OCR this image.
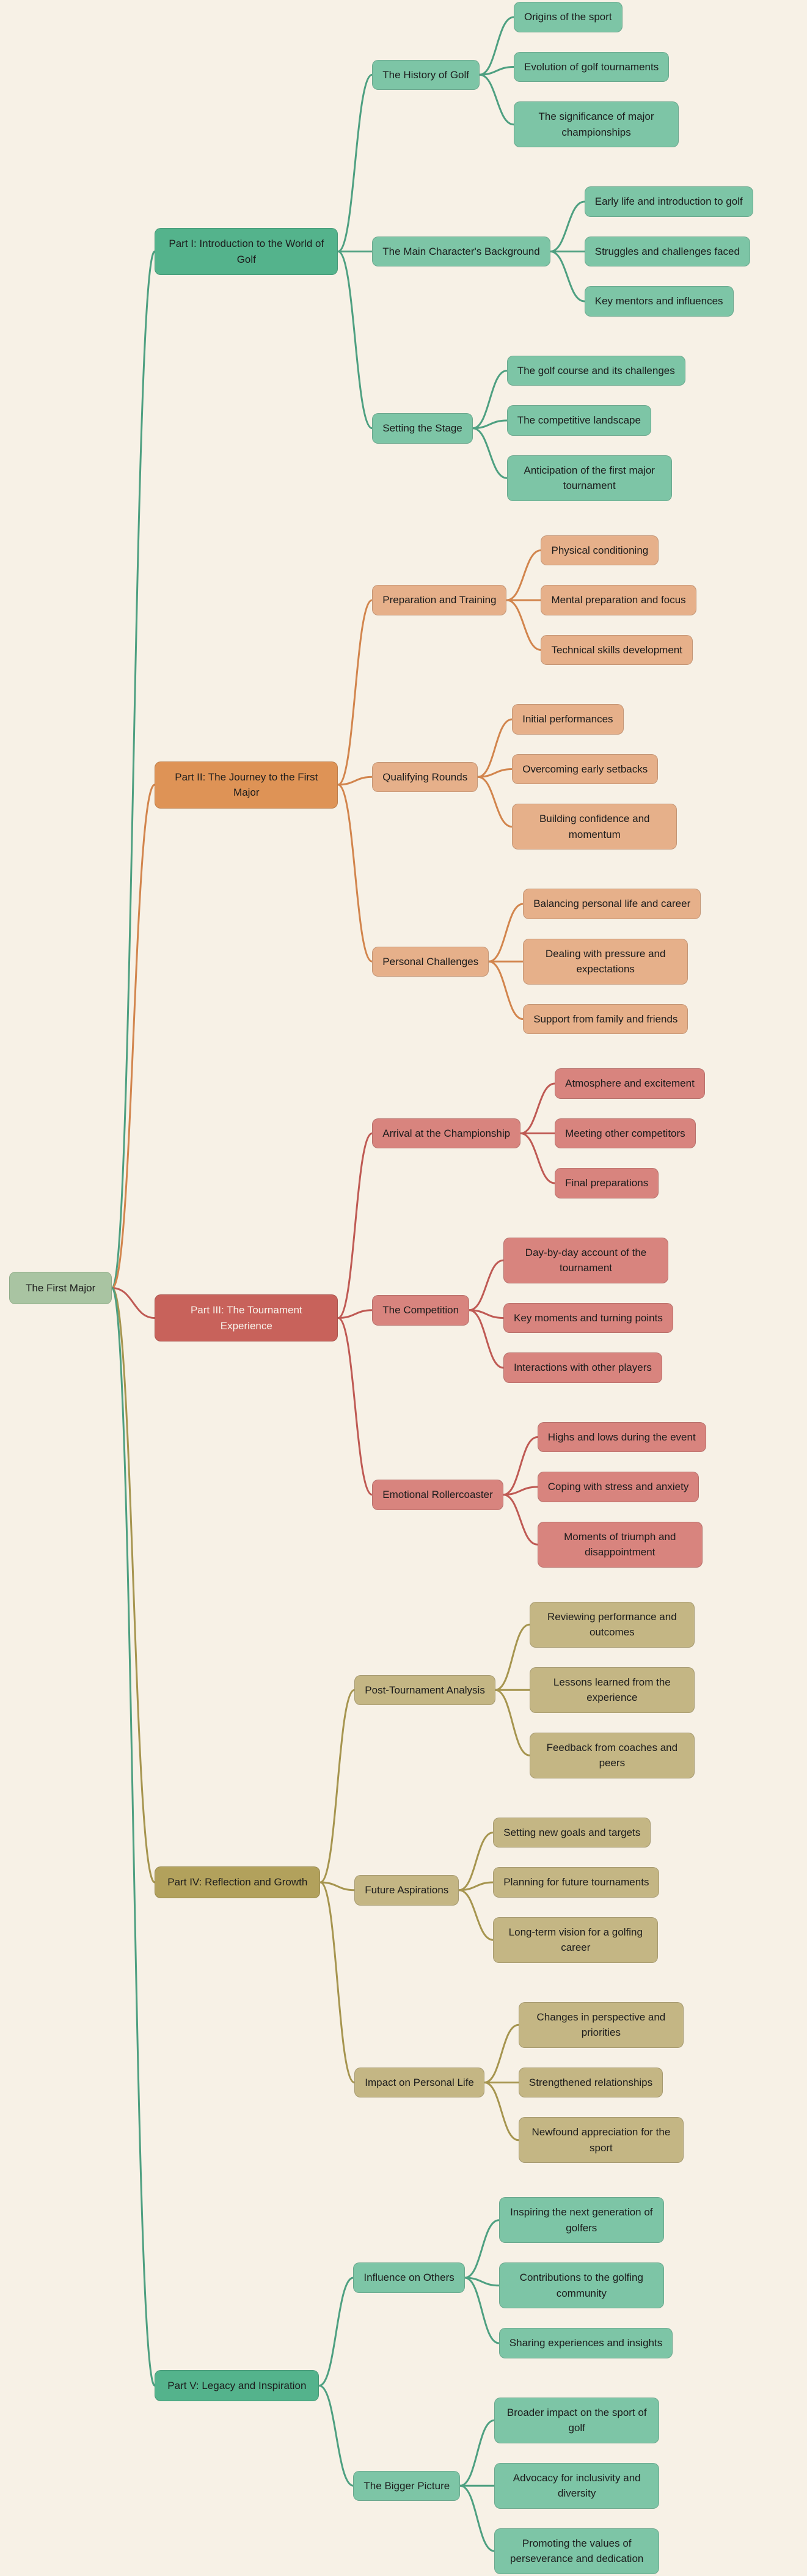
The First Major
Part I: Introduction to the World of Golf
The History of Golf
Origins of the sport
Evolution of golf tournaments
The significance of major championships
The Main Character's Background
Early life and introduction to golf
Struggles and challenges faced
Key mentors and influences
Setting the Stage
The golf course and its challenges
The competitive landscape
Anticipation of the first major tournament
Part II: The Journey to the First Major
Preparation and Training
Physical conditioning
Mental preparation and focus
Technical skills development
Qualifying Rounds
Initial performances
Overcoming early setbacks
Building confidence and momentum
Personal Challenges
Balancing personal life and career
Dealing with pressure and expectations
Support from family and friends
Part III: The Tournament Experience
Arrival at the Championship
Atmosphere and excitement
Meeting other competitors
Final preparations
The Competition
Day-by-day account of the tournament
Key moments and turning points
Interactions with other players
Emotional Rollercoaster
Highs and lows during the event
Coping with stress and anxiety
Moments of triumph and disappointment
Part IV: Reflection and Growth
Post-Tournament Analysis
Reviewing performance and outcomes
Lessons learned from the experience
Feedback from coaches and peers
Future Aspirations
Setting new goals and targets
Planning for future tournaments
Long-term vision for a golfing career
Impact on Personal Life
Changes in perspective and priorities
Strengthened relationships
Newfound appreciation for the sport
Part V: Legacy and Inspiration
Influence on Others
Inspiring the next generation of golfers
Contributions to the golfing community
Sharing experiences and insights
The Bigger Picture
Broader impact on the sport of golf
Advocacy for inclusivity and diversity
Promoting the values of perseverance and dedication
